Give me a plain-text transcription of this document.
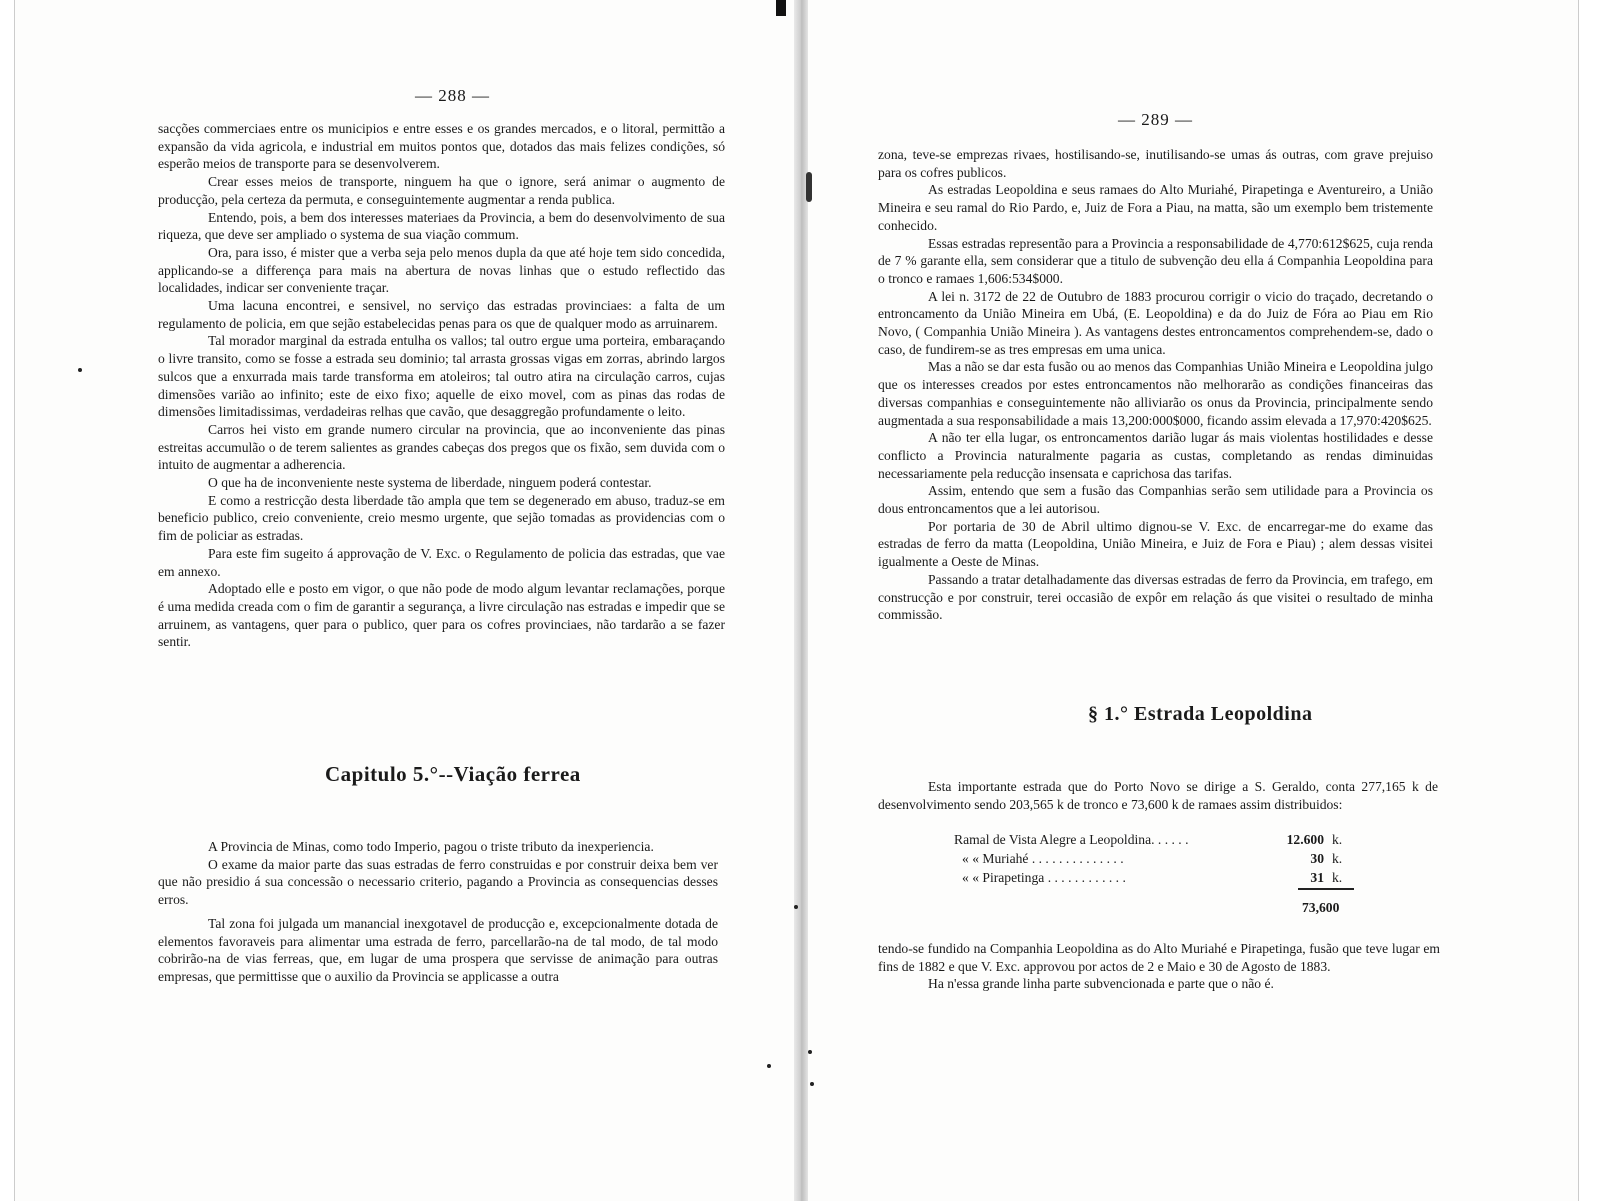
— 288 —

sacções commerciaes entre os municipios e entre esses e os grandes mercados, e o litoral, permittão a expansão da vida agricola, e industrial em muitos pontos que, dotados das mais felizes condições, só esperão meios de transporte para se desenvolverem.

Crear esses meios de transporte, ninguem ha que o ignore, será animar o augmento de producção, pela certeza da permuta, e conseguintemente augmentar a renda publica.

Entendo, pois, a bem dos interesses materiaes da Provincia, a bem do desenvolvimento de sua riqueza, que deve ser ampliado o systema de sua viação commum.

Ora, para isso, é mister que a verba seja pelo menos dupla da que até hoje tem sido concedida, applicando-se a differença para mais na abertura de novas linhas que o estudo reflectido das localidades, indicar ser conveniente traçar.

Uma lacuna encontrei, e sensivel, no serviço das estradas provinciaes: a falta de um regulamento de policia, em que sejão estabelecidas penas para os que de qualquer modo as arruinarem.

Tal morador marginal da estrada entulha os vallos; tal outro ergue uma porteira, embaraçando o livre transito, como se fosse a estrada seu dominio; tal arrasta grossas vigas em zorras, abrindo largos sulcos que a enxurrada mais tarde transforma em atoleiros; tal outro atira na circulação carros, cujas dimensões varião ao infinito; este de eixo fixo; aquelle de eixo movel, com as pinas das rodas de dimensões limitadissimas, verdadeiras relhas que cavão, que desaggregão profundamente o leito.

Carros hei visto em grande numero circular na provincia, que ao inconveniente das pinas estreitas accumulão o de terem salientes as grandes cabeças dos pregos que os fixão, sem duvida com o intuito de augmentar a adherencia.

O que ha de inconveniente neste systema de liberdade, ninguem poderá contestar.

E como a restricção desta liberdade tão ampla que tem se degenerado em abuso, traduz-se em beneficio publico, creio conveniente, creio mesmo urgente, que sejão tomadas as providencias com o fim de policiar as estradas.

Para este fim sugeito á approvação de V. Exc. o Regulamento de policia das estradas, que vae em annexo.

Adoptado elle e posto em vigor, o que não pode de modo algum levantar reclamações, porque é uma medida creada com o fim de garantir a segurança, a livre circulação nas estradas e impedir que se arruinem, as vantagens, quer para o publico, quer para os cofres provinciaes, não tardarão a se fazer sentir.

Capitulo 5.°--Viação ferrea

A Provincia de Minas, como todo Imperio, pagou o triste tributo da inexperiencia.

O exame da maior parte das suas estradas de ferro construidas e por construir deixa bem ver que não presidio á sua concessão o necessario criterio, pagando a Provincia as consequencias desses erros.

Tal zona foi julgada um manancial inexgotavel de producção e, excepcionalmente dotada de elementos favoraveis para alimentar uma estrada de ferro, parcellarão-na de tal modo, de tal modo cobrirão-na de vias ferreas, que, em lugar de uma prospera que servisse de animação para outras empresas, que permittisse que o auxilio da Provincia se applicasse a outra

— 289 —

zona, teve-se emprezas rivaes, hostilisando-se, inutilisando-se umas ás outras, com grave prejuiso para os cofres publicos.

As estradas Leopoldina e seus ramaes do Alto Muriahé, Pirapetinga e Aventureiro, a União Mineira e seu ramal do Rio Pardo, e, Juiz de Fora a Piau, na matta, são um exemplo bem tristemente conhecido.

Essas estradas representão para a Provincia a responsabilidade de 4,770:612$625, cuja renda de 7 % garante ella, sem considerar que a titulo de subvenção deu ella á Companhia Leopoldina para o tronco e ramaes 1,606:534$000.

A lei n. 3172 de 22 de Outubro de 1883 procurou corrigir o vicio do traçado, decretando o entroncamento da União Mineira em Ubá, (E. Leopoldina) e da do Juiz de Fóra ao Piau em Rio Novo, ( Companhia União Mineira ). As vantagens destes entroncamentos comprehendem-se, dado o caso, de fundirem-se as tres empresas em uma unica.

Mas a não se dar esta fusão ou ao menos das Companhias União Mineira e Leopoldina julgo que os interesses creados por estes entroncamentos não melhorarão as condições financeiras das diversas companhias e conseguintemente não alliviarão os onus da Provincia, principalmente sendo augmentada a sua responsabilidade a mais 13,200:000$000, ficando assim elevada a 17,970:420$625.

A não ter ella lugar, os entroncamentos darião lugar ás mais violentas hostilidades e desse conflicto a Provincia naturalmente pagaria as custas, completando as rendas diminuidas necessariamente pela reducção insensata e caprichosa das tarifas.

Assim, entendo que sem a fusão das Companhias serão sem utilidade para a Provincia os dous entroncamentos que a lei autorisou.

Por portaria de 30 de Abril ultimo dignou-se V. Exc. de encarregar-me do exame das estradas de ferro da matta (Leopoldina, União Mineira, e Juiz de Fora e Piau) ; alem dessas visitei igualmente a Oeste de Minas.

Passando a tratar detalhadamente das diversas estradas de ferro da Provincia, em trafego, em construcção e por construir, terei occasião de expôr em relação ás que visitei o resultado de minha commissão.

§ 1.° Estrada Leopoldina

Esta importante estrada que do Porto Novo se dirige a S. Geraldo, conta 277,165 k de desenvolvimento sendo 203,565 k de tronco e 73,600 k de ramaes assim distribuidos:

Ramal de Vista Alegre a Leopoldina. . . . . .	12.600	k.
« « Muriahé . . . . . . . . . . . . . .	30	k.
« « Pirapetinga . . . . . . . . . . . .	31	k.
73,600

tendo-se fundido na Companhia Leopoldina as do Alto Muriahé e Pirapetinga, fusão que teve lugar em fins de 1882 e que V. Exc. approvou por actos de 2 e Maio e 30 de Agosto de 1883.

Ha n'essa grande linha parte subvencionada e parte que o não é.
